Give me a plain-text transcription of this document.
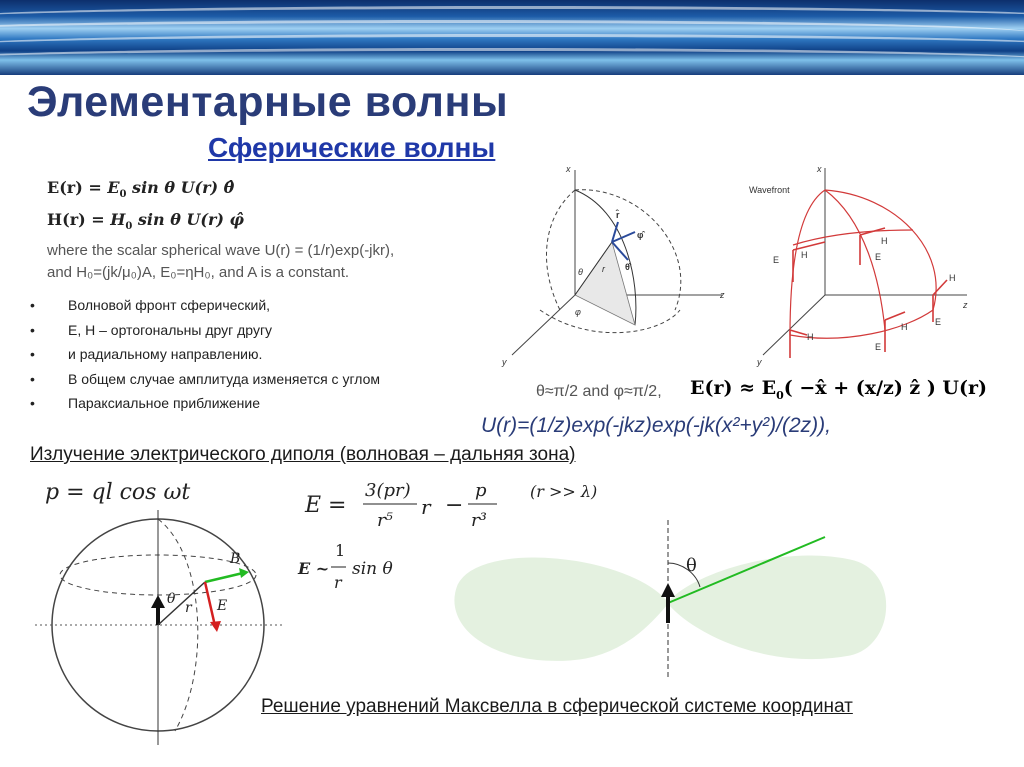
Элементарные волны
Сферические волны
$E(r) = E_0$ sin θ U(r) θ̂
$H(r) = H_0$ sin θ U(r) φ̂
where the scalar spherical wave U(r) = (1/r)exp(-jkr),
and H₀=(jk/μ₀)A, E₀=ηH₀, and A is a constant.
• Волновой фронт сферический,
• E, H – ортогональны друг другу
• и радиальному направлению.
• В общем случае амплитуда изменяется с углом
• Параксиальное приближение
x
z
y
r
θ
φ
r̂
φ̂
θ̂
Wavefront
x
z
y
E H	E
H
H
E
H
E
H
θ≈π/2 and φ≈π/2, $E(r) \approx E_0$( −x̂ + (x/z) ẑ ) U(r)
U(r)=(1/z)exp(-jkz)exp(-jk(x²+y²)/(2z)),
Излучение электрического диполя (волновая – дальняя зона)
p = ql cos ωt
E =
3(pr)
r⁵
r −
p
r³
(r >> λ)
E ~
1
r
sin θ
B
E
r
θ
θ
Решение уравнений Максвелла в сферической системе координат
